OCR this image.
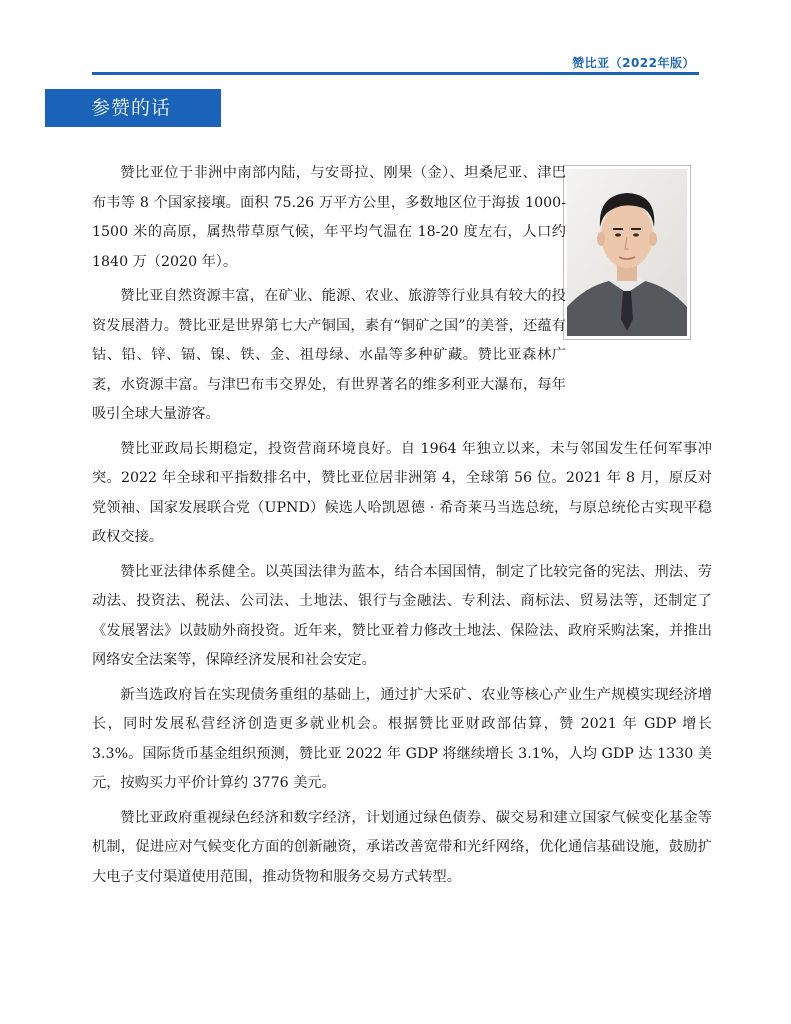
赞比亚（2022年版）
参赞的话

赞比亚位于非洲中南部内陆，与安哥拉、刚果（金）、坦桑尼亚、津巴布韦等 8 个国家接壤。面积 75.26 万平方公里，多数地区位于海拔 1000-1500 米的高原，属热带草原气候，年平均气温在 18-20 度左右，人口约 1840 万（2020 年）。

赞比亚自然资源丰富，在矿业、能源、农业、旅游等行业具有较大的投资发展潜力。赞比亚是世界第七大产铜国，素有“铜矿之国”的美誉，还蕴有钴、铅、锌、镉、镍、铁、金、祖母绿、水晶等多种矿藏。赞比亚森林广袤，水资源丰富。与津巴布韦交界处，有世界著名的维多利亚大瀑布，每年吸引全球大量游客。

赞比亚政局长期稳定，投资营商环境良好。自 1964 年独立以来，未与邻国发生任何军事冲突。2022 年全球和平指数排名中，赞比亚位居非洲第 4，全球第 56 位。2021 年 8 月，原反对党领袖、国家发展联合党（UPND）候选人哈凯恩德 · 希奇莱马当选总统，与原总统伦古实现平稳政权交接。

赞比亚法律体系健全。以英国法律为蓝本，结合本国国情，制定了比较完备的宪法、刑法、劳动法、投资法、税法、公司法、土地法、银行与金融法、专利法、商标法、贸易法等，还制定了《发展署法》以鼓励外商投资。近年来，赞比亚着力修改土地法、保险法、政府采购法案，并推出网络安全法案等，保障经济发展和社会安定。

新当选政府旨在实现债务重组的基础上，通过扩大采矿、农业等核心产业生产规模实现经济增长，同时发展私营经济创造更多就业机会。根据赞比亚财政部估算，赞 2021 年 GDP 增长 3.3%。国际货币基金组织预测，赞比亚 2022 年 GDP 将继续增长 3.1%，人均 GDP 达 1330 美元，按购买力平价计算约 3776 美元。

赞比亚政府重视绿色经济和数字经济，计划通过绿色债券、碳交易和建立国家气候变化基金等机制，促进应对气候变化方面的创新融资，承诺改善宽带和光纤网络，优化通信基础设施，鼓励扩大电子支付渠道使用范围，推动货物和服务交易方式转型。
